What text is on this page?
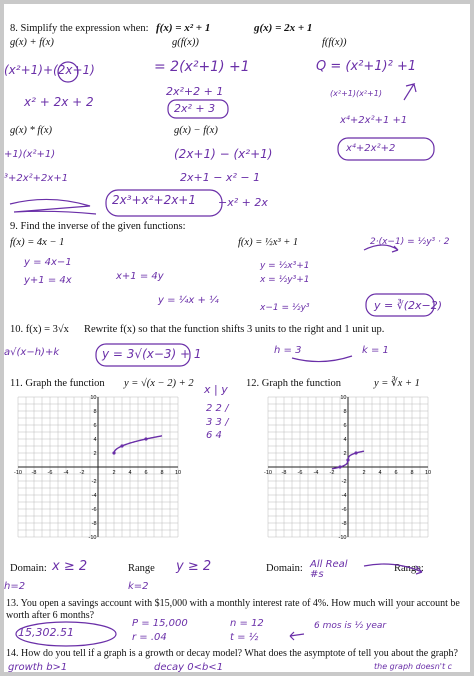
8. Simplify the expression when: f(x) = x² + 1	g(x) = 2x + 1
g(x) + f(x)	g(f(x))	f(f(x))
g(x) * f(x)	g(x) − f(x)
9. Find the inverse of the given functions:
f(x) = 4x − 1	f(x) = ½x³ + 1
10. f(x) = 3√x Rewrite f(x) so that the function shifts 3 units to the right and 1 unit up.
11. Graph the function y = √(x − 2) + 2	12. Graph the function	y = ∛x + 1
-10
-10
-8
-8
-6
-6
-4
-4
-2
-2
2
2
4
4
6
6
8
8
10
10
-10
-10
-8
-8
-6
-6
-4
-4
-2
-2
2
2
4
4
6
6
8
8
10
10
Domain:	Range	Domain:	Range:
13. You open a savings account with $15,000 with a monthly interest rate of 4%. How much will your account be
worth after 6 months?
14. How do you tell if a graph is a growth or decay model? What does the asymptote of tell you about the graph?
(x²+1)+(2x+1)
x² + 2x + 2
= 2(x²+1) +1
2x²+2 + 1
2x² + 3
Q = (x²+1)² +1
(x²+1)(x²+1)
x⁴+2x²+1 +1
x⁴+2x²+2
+1)(x²+1)
³+2x²+2x+1
2x³+x²+2x+1
(2x+1) − (x²+1)
2x+1 − x² − 1
−x² + 2x
y = 4x−1
y+1 = 4x	x+1 = 4y
y = ¼x + ¼
y = ½x³+1
x = ½y³+1
x−1 = ½y³	y = ∛(2x−2)
2·(x−1) = ½y³ · 2
a√(x−h)+k	y = 3√(x−3) + 1	h = 3	k = 1
x | y
2 2 / 3 3 / 6 4
x ≥ 2	y ≥ 2
h=2	k=2
All Real #s
15,302.51
P = 15,000
r = .04
n = 12
t = ½
6 mos is ½ year
growth b>1	decay 0<b<1	the graph doesn't c
